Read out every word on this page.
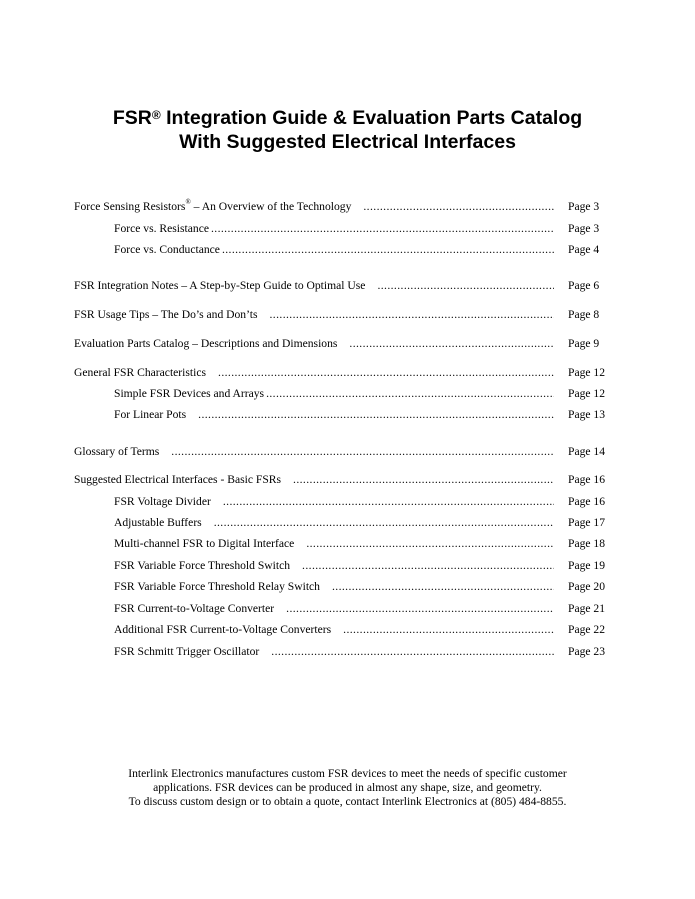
FSR® Integration Guide & Evaluation Parts Catalog
With Suggested Electrical Interfaces
Force Sensing Resistors® – An Overview of the Technology .....	Page 3
Force vs. Resistance .....	Page 3
Force vs. Conductance .....	Page 4
FSR Integration Notes – A Step-by-Step Guide to Optimal Use .....	Page 6
FSR Usage Tips – The Do’s and Don’ts .....	Page 8
Evaluation Parts Catalog – Descriptions and Dimensions .....	Page 9
General FSR Characteristics .....	Page 12
Simple FSR Devices and Arrays .....	Page 12
For Linear Pots .....	Page 13
Glossary of Terms .....	Page 14
Suggested Electrical Interfaces - Basic FSRs .....	Page 16
FSR Voltage Divider .....	Page 16
Adjustable Buffers .....	Page 17
Multi-channel FSR to Digital Interface .....	Page 18
FSR Variable Force Threshold Switch .....	Page 19
FSR Variable Force Threshold Relay Switch .....	Page 20
FSR Current-to-Voltage Converter .....	Page 21
Additional FSR Current-to-Voltage Converters .....	Page 22
FSR Schmitt Trigger Oscillator .....	Page 23
Interlink Electronics manufactures custom FSR devices to meet the needs of specific customer
applications. FSR devices can be produced in almost any shape, size, and geometry.
To discuss custom design or to obtain a quote, contact Interlink Electronics at (805) 484-8855.
